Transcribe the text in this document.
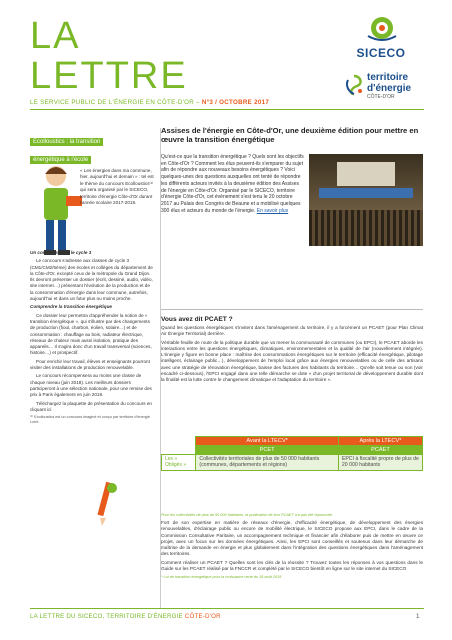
LA
LETTRE
SICECO
territoire
d'énergie
CÔTE-D'OR
LE SERVICE PUBLIC DE L'ÉNERGIE EN CÔTE-D'OR – N°3 / OCTOBRE 2017
Ecolloustics : la transition
énergétique à l'école
« Les énergies dans ma commune, hier, aujourd'hui et demain » : tel est le thème du concours Ecolloustics⁽¹⁾ qui sera organisé par le SICECO, territoire d'énergie Côte-d'Or durant l'année scolaire 2017-2018.

Un concours pour le cycle 3

Le concours s'adresse aux classes de cycle 3 (CM1/CM2/6ème) des écoles et collèges du département de la Côte-d'Or, excepté ceux de la métropole du Grand Dijon. Ils devront présenter un dossier (écrit, dessiné, audio, vidéo, site internet…) présentant l'évolution de la production et de la consommation d'énergie dans leur commune, autrefois, aujourd'hui et dans un futur plus ou moins proche.

Comprendre la transition énergétique

Ce dossier leur permettra d'appréhender la notion de « transition énergétique », qui s'illustre par des changements de production (fioul, charbon, éolien, solaire…) et de consommation : chauffage au bois, radiateur électrique, réseaux de chaleur mais aussi isolation, pratique des appareils… Il s'agira donc d'un travail transversal (sciences, histoire…) et prospectif.

Pour enrichir leur travail, élèves et enseignants pourront visiter des installations de production renouvelable.

Le concours récompensera au moins une classe de chaque niveau (juin 2018). Les meilleurs dossiers participeront à une sélection nationale, pour une remise des prix à Paris également en juin 2018.

Téléchargez la plaquette de présentation du concours en cliquant ici

⁽¹⁾ Ecolloustics est un concours imaginé et conçu par territoire d'énergie Loire.

Assises de l'énergie en Côte-d'Or, une deuxième édition pour mettre en œuvre la transition énergétique
Qu'est-ce que la transition énergétique ? Quels sont les objectifs en Côte-d'Or ? Comment les élus peuvent-ils s'emparer du sujet afin de répondre aux nouveaux besoins énergétiques ? Voici quelques-unes des questions auxquelles ont tenté de répondre les différents acteurs invités à la deuxième édition des Assises de l'énergie en Côte-d'Or. Organisé par le SICECO, territoire d'énergie Côte-d'Or, cet évènement s'est tenu le 20 octobre 2017 au Palais des Congrès de Beaune et a mobilisé quelques 300 élus et acteurs du monde de l'énergie. En savoir plus
Vous avez dit PCAET ?

Quand les questions énergétiques s'invitent dans l'aménagement du territoire, il y a forcément un PCAET (pour Plan Climat Air Énergie Territorial) derrière.

Véritable feuille de route de la politique durable que va mener la communauté de communes (ou EPCI), le PCAET aborde les interactions entre les questions énergétiques, climatiques, environnementales et la qualité de l'air (nouvellement intégrée). L'énergie y figure en bonne place : maîtrise des consommations énergétiques sur le territoire (efficacité énergétique, pilotage intelligent, éclairage public…), développement de l'emploi local grâce aux énergies renouvelables ou de celle des artisans avec une stratégie de rénovation énergétique, baisse des factures des habitants du territoire… Qu'elle soit tenue ou non (voir encadré ci-dessous), l'EPCI engagé dans une telle démarche se dote « d'un projet territorial de développement durable dont la finalité est la lutte contre le changement climatique et l'adaptation du territoire ».

	Avant la LTECV*	Après la LTECV*
	PCET	PCAET
Les « Obligés »	Collectivités territoriales de plus de 50 000 habitants (communes, départements et régions)	EPCI à fiscalité propre de plus de 20 000 habitants
Pour les collectivités de plus de 50 000 habitants, la publication de leur PCAET n'a pas été repoussée.

Fort de son expertise en matière de réseaux d'énergie, d'efficacité énergétique, de développement des énergies renouvelables, d'éclairage public ou encore de mobilité électrique, le SICECO propose aux EPCI, dans le cadre de la Commission Consultative Paritaire, un accompagnement technique et financier afin d'élaborer puis de mettre en œuvre ce projet, avec un focus sur les données énergétiques. Ainsi, les EPCI sont conseillés et soutenus dans leur démarche de maîtrise de la demande en énergie et plus globalement dans l'intégration des questions énergétiques dans l'aménagement des territoires.

Comment réaliser un PCAET ? Quelles sont les clés de la réussite ? Trouvez toutes les réponses à vos questions dans le Guide sur les PCAET réalisé par la FNCCR et complété par le SICECO bientôt en ligne sur le site internet du SICECO

* Loi de transition énergétique pour la croissance verte du 18 août 2015

LA LETTRE DU SICECO, TERRITOIRE D'ÉNERGIE CÔTE-D'OR	1
